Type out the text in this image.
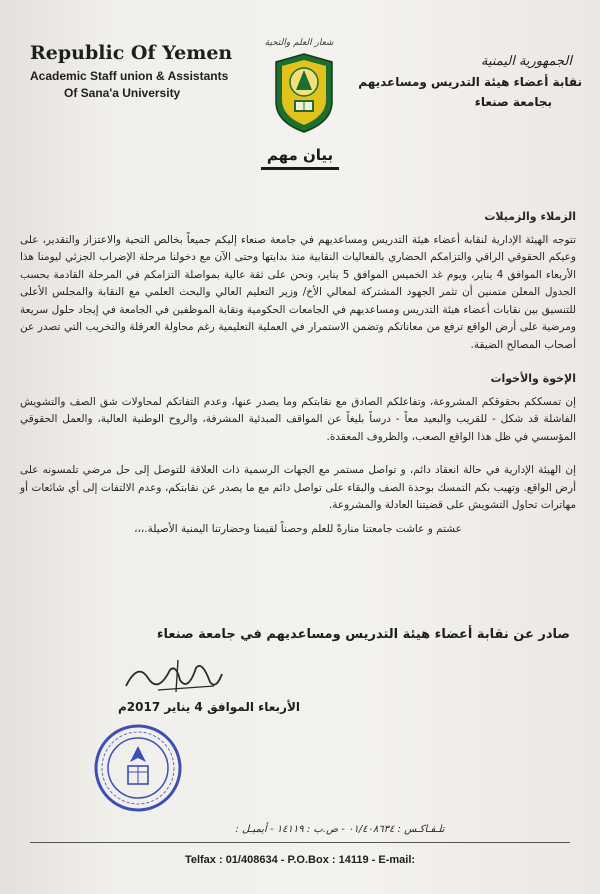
Republic Of Yemen
Academic Staff union & Assistants
Of Sana'a University
شعار العلم والتحية
الجمهورية اليمنية
نقابة أعضاء هيئة التدريس ومساعديهم
بجامعة صنعاء
بيان مهم

الزملاء والزميلات

تتوجه الهيئة الإدارية لنقابة أعضاء هيئة التدريس ومساعديهم في جامعة صنعاء إليكم جميعاً بخالص التحية والاعتزاز والتقدير، على وعيكم الحقوقي الراقي والتزامكم الحضاري بالفعاليات النقابية منذ بدايتها وحتى الآن مع دخولنا مرحلة الإضراب الجزئي ليومنا هذا الأربعاء الموافق 4 يناير، ويوم غد الخميس الموافق 5 يناير، ونحن على ثقة عالية بمواصلة التزامكم في المرحلة القادمة بحسب الجدول المعلن متمنين أن تثمر الجهود المشتركة لمعالي الأخ/ وزير التعليم العالي والبحث العلمي مع النقابة والمجلس الأعلى للتنسيق بين نقابات أعضاء هيئة التدريس ومساعديهم في الجامعات الحكومية ونقابة الموظفين في الجامعة في إيجاد حلول سريعة ومرضية على أرض الواقع ترفع من معاناتكم وتضمن الاستمرار في العملية التعليمية رغم محاولة العرقلة والتخريب التي تصدر عن أصحاب المصالح الضيقة.

الإخوة والأخوات

إن تمسككم بحقوقكم المشروعة، وتفاعلكم الصادق مع نقابتكم وما يصدر عنها، وعدم التفاتكم لمحاولات شق الصف والتشويش الفاشلة قد شكل - للقريب والبعيد معاً - درساً بليغاً عن المواقف المبدئية المشرفة، والروح الوطنية العالية، والعمل الحقوقي المؤسسي في ظل هذا الواقع الصعب، والظروف المعقدة.

إن الهيئة الإدارية في حالة انعقاد دائم، و تواصل مستمر مع الجهات الرسمية ذات العلاقة للتوصل إلى حل مرضي تلمسونه على أرض الواقع. وتهيب بكم التمسك بوحدة الصف والبقاء على تواصل دائم مع ما يصدر عن نقابتكم، وعدم الالتفات إلى أي شائعات أو مهاترات تحاول التشويش على قضيتنا العادلة والمشروعة.

عشتم و عاشت جامعتنا منارةً للعلم وحصناً لقيمنا وحضارتنا اليمنية الأصيلة.،،،

صادر عن نقابة أعضاء هيئة التدريس ومساعديهم في جامعة صنعاء
الأربعاء الموافق 4 يناير 2017م
تلـفـاكـس : ٠١/٤٠٨٦٣٤ - ص.ب : ١٤١١٩ - أيميـل :
Telfax : 01/408634 - P.O.Box : 14119 - E-mail:
